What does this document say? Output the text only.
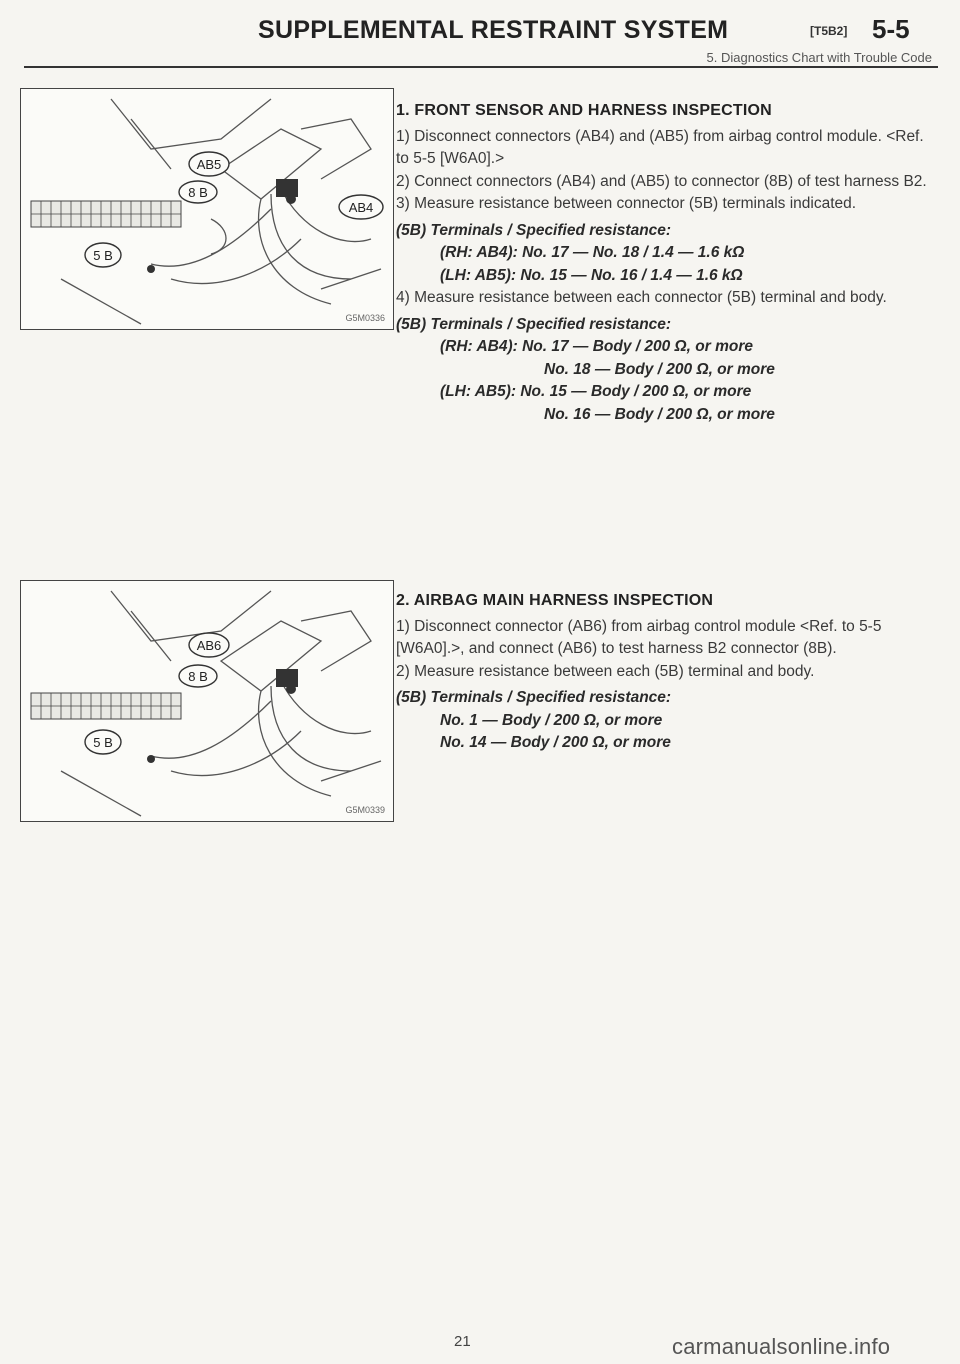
SUPPLEMENTAL RESTRAINT SYSTEM	[T5B2] 5-5
5. Diagnostics Chart with Trouble Code
AB5
8 B
AB4
5 B
G5M0336
AB6
8 B
5 B
G5M0339
1. FRONT SENSOR AND HARNESS INSPECTION

1) Disconnect connectors (AB4) and (AB5) from airbag control module. <Ref. to 5-5 [W6A0].>

2) Connect connectors (AB4) and (AB5) to connector (8B) of test harness B2.

3) Measure resistance between connector (5B) terminals indicated.

(5B) Terminals / Specified resistance:
(RH: AB4): No. 17 — No. 18 / 1.4 — 1.6 kΩ
(LH: AB5): No. 15 — No. 16 / 1.4 — 1.6 kΩ

4) Measure resistance between each connector (5B) terminal and body.

(5B) Terminals / Specified resistance:
(RH: AB4): No. 17 — Body / 200 Ω, or more
No. 18 — Body / 200 Ω, or more
(LH: AB5): No. 15 — Body / 200 Ω, or more
No. 16 — Body / 200 Ω, or more
2. AIRBAG MAIN HARNESS INSPECTION

1) Disconnect connector (AB6) from airbag control module <Ref. to 5-5 [W6A0].>, and connect (AB6) to test harness B2 connector (8B).

2) Measure resistance between each (5B) terminal and body.

(5B) Terminals / Specified resistance:
No. 1 — Body / 200 Ω, or more
No. 14 — Body / 200 Ω, or more
21	carmanualsonline.info
